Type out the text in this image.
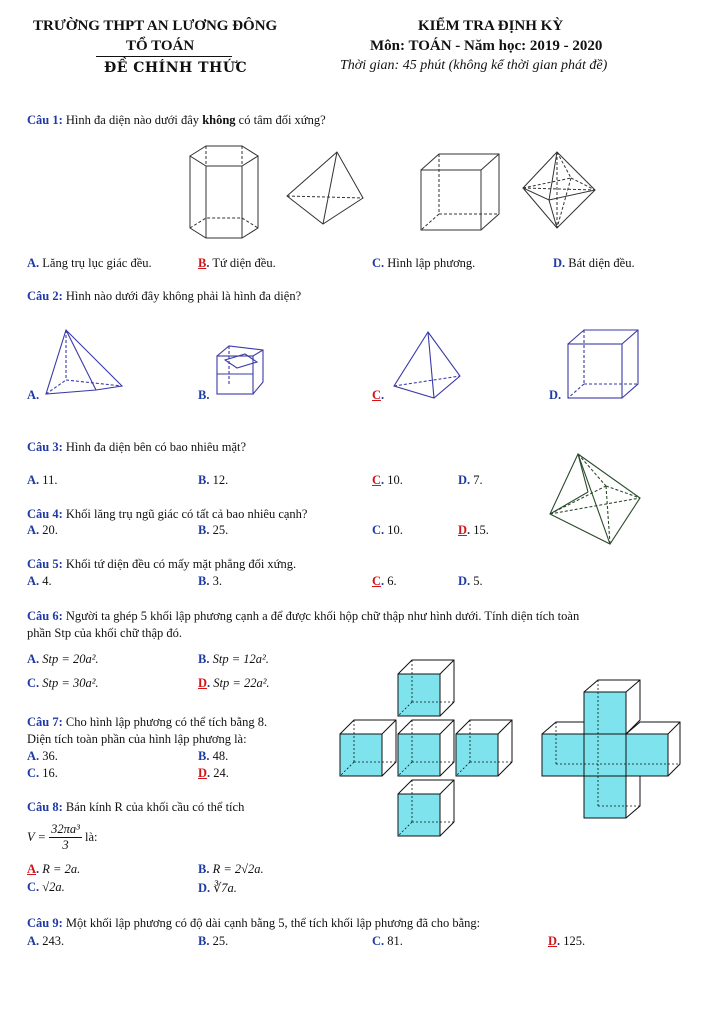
TRƯỜNG THPT AN LƯƠNG ĐÔNG
TỔ TOÁN
ĐỀ CHÍNH THỨC
KIỂM TRA ĐỊNH KỲ
Môn: TOÁN - Năm học: 2019 - 2020
Thời gian: 45 phút (không kể thời gian phát đề)
Câu 1: Hình đa diện nào dưới đây không có tâm đối xứng?
A. Lăng trụ lục giác đều.	B. Tứ diện đều.	C. Hình lập phương.	D. Bát diện đều.
Câu 2: Hình nào dưới đây không phải là hình đa diện?
A.	B.	C.	D.
Câu 3: Hình đa diện bên có bao nhiêu mặt?
A. 11.	B. 12.	C. 10.	D. 7.
Câu 4: Khối lăng trụ ngũ giác có tất cả bao nhiêu cạnh?
A. 20.	B. 25.	C. 10.	D. 15.
Câu 5: Khối tứ diện đều có mấy mặt phẳng đối xứng.
A. 4.	B. 3.	C. 6.	D. 5.
Câu 6: Người ta ghép 5 khối lập phương cạnh a để được khối hộp chữ thập như hình dưới. Tính diện tích toàn
phần Stp của khối chữ thập đó.
A. Stp = 20a².	B. Stp = 12a².
C. Stp = 30a².	D. Stp = 22a².
Câu 7: Cho hình lập phương có thể tích bằng 8.
Diện tích toàn phần của hình lập phương là:
A. 36.	B. 48.
C. 16.	D. 24.
Câu 8: Bán kính R của khối cầu có thể tích
$V = \frac{\text{32πa³}}{3}$ là:
A. R = 2a.	B. R = 2√2a.
C. √2a.	D. ∛7a.
Câu 9: Một khối lập phương có độ dài cạnh bằng 5, thể tích khối lập phương đã cho bằng:
A. 243.	B. 25.	C. 81.	D. 125.
